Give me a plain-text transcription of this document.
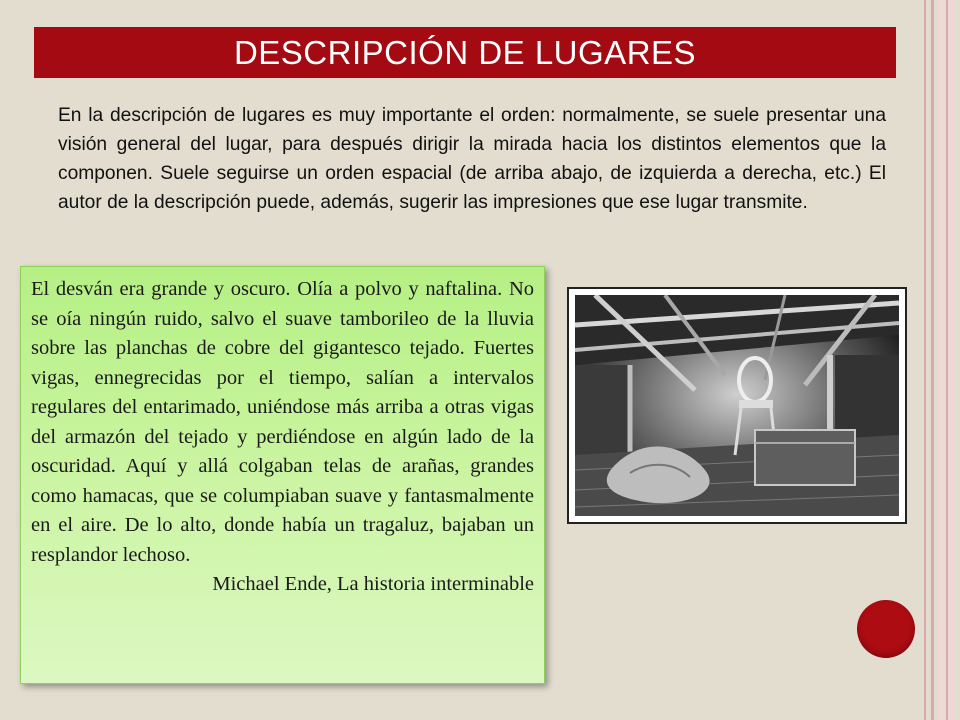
DESCRIPCIÓN DE LUGARES

En la descripción de lugares es muy importante el orden: normalmente, se suele presentar una visión general del lugar, para después dirigir la mirada hacia los distintos elementos que la componen. Suele seguirse un orden espacial (de arriba abajo, de izquierda a derecha, etc.) El autor de la descripción puede, además, sugerir las impresiones que ese lugar transmite.

El desván era grande y oscuro. Olía a polvo y naftalina. No se oía ningún ruido, salvo el suave tamborileo de la lluvia sobre las planchas de cobre del gigantesco tejado. Fuertes vigas, ennegrecidas por el tiempo, salían a intervalos regulares del entarimado, uniéndose más arriba a otras vigas del armazón del tejado y perdiéndose en algún lado de la oscuridad. Aquí y allá colgaban telas de arañas, grandes como hamacas, que se columpiaban suave y fantasmalmente en el aire. De lo alto, donde había un tragaluz, bajaban un resplandor lechoso.

Michael Ende, La historia interminable
